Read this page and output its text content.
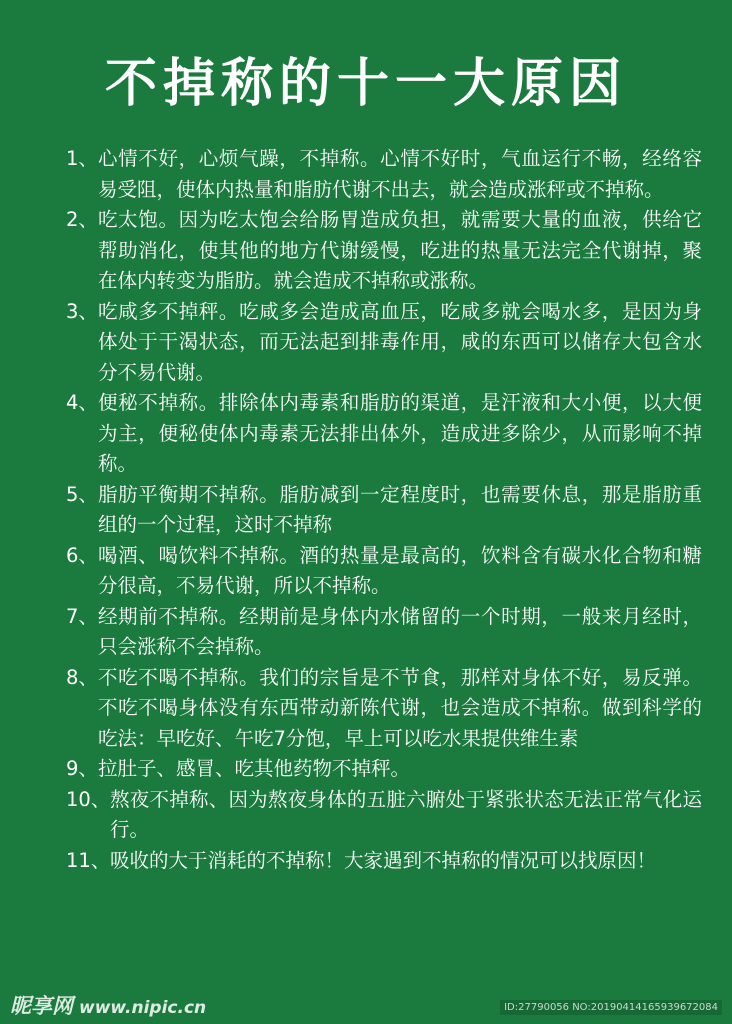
不掉称的十一大原因
1、 心情不好，心烦气躁，不掉称。心情不好时，气血运行不畅，经络容易受阻，使体内热量和脂肪代谢不出去，就会造成涨秤或不掉称。
2、 吃太饱。因为吃太饱会给肠胃造成负担，就需要大量的血液，供给它帮助消化，使其他的地方代谢缓慢，吃进的热量无法完全代谢掉，聚在体内转变为脂肪。就会造成不掉称或涨称。
3、 吃咸多不掉秤。吃咸多会造成高血压，吃咸多就会喝水多，是因为身体处于干渴状态，而无法起到排毒作用，咸的东西可以储存大包含水分不易代谢。
4、 便秘不掉称。排除体内毒素和脂肪的渠道，是汗液和大小便，以大便为主，便秘使体内毒素无法排出体外，造成进多除少，从而影响不掉称。
5、 脂肪平衡期不掉称。脂肪减到一定程度时，也需要休息，那是脂肪重组的一个过程，这时不掉称
6、 喝酒、喝饮料不掉称。酒的热量是最高的，饮料含有碳水化合物和糖分很高，不易代谢，所以不掉称。
7、 经期前不掉称。经期前是身体内水储留的一个时期，一般来月经时，只会涨称不会掉称。
8、 不吃不喝不掉称。我们的宗旨是不节食，那样对身体不好，易反弹。不吃不喝身体没有东西带动新陈代谢，也会造成不掉称。做到科学的吃法：早吃好、午吃7分饱，早上可以吃水果提供维生素
9、 拉肚子、感冒、吃其他药物不掉秤。
10、 熬夜不掉称、因为熬夜身体的五脏六腑处于紧张状态无法正常气化运行。
11、 吸收的大于消耗的不掉称！大家遇到不掉称的情况可以找原因！
昵享网 www.nipic.cn	ID:27790056 NO:20190414165939672084
